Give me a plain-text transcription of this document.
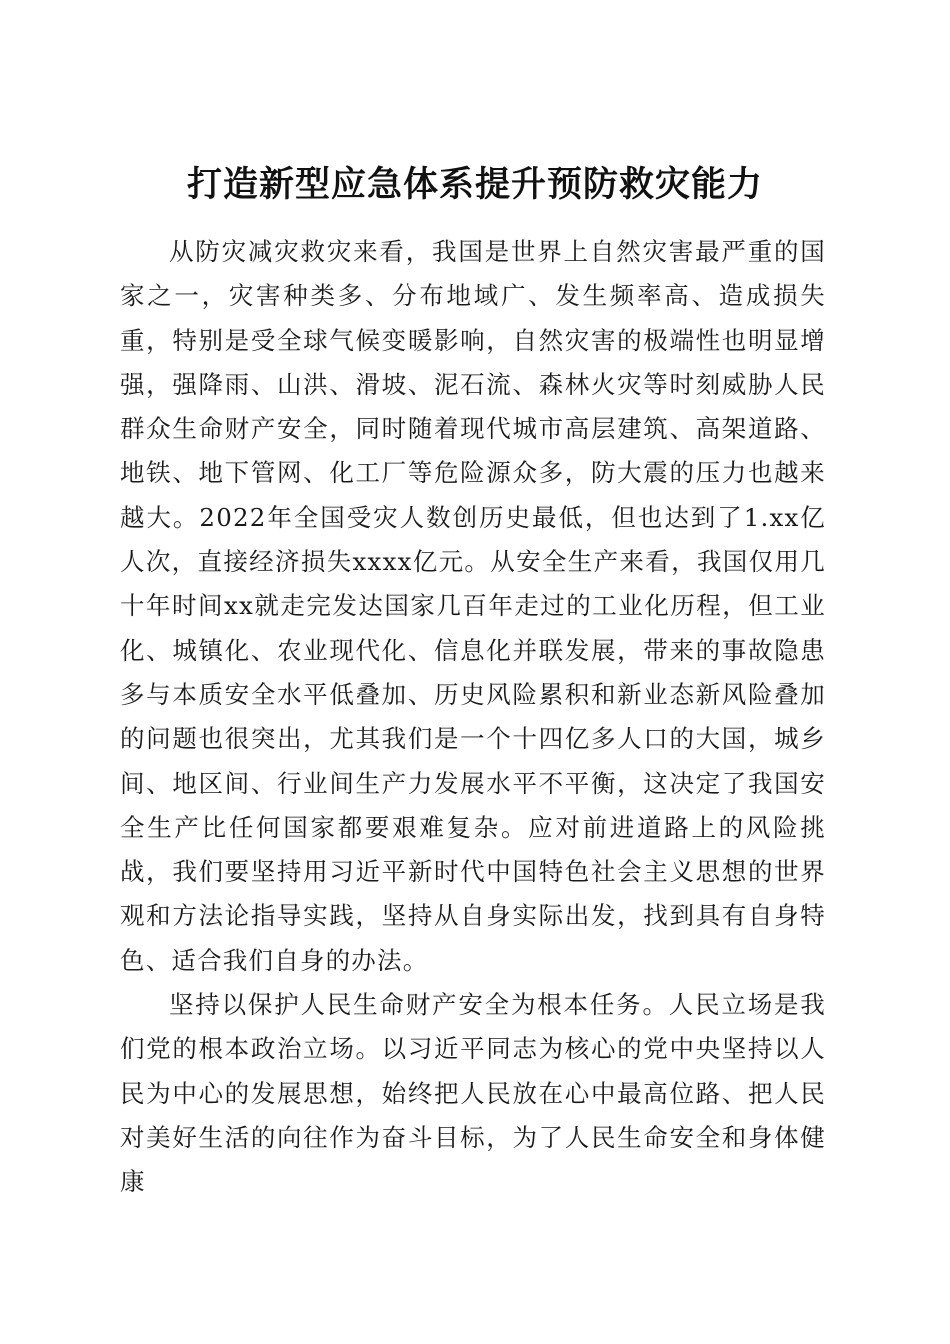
打造新型应急体系提升预防救灾能力

从防灾减灾救灾来看，我国是世界上自然灾害最严重的国家之一，灾害种类多、分布地域广、发生频率高、造成损失重，特别是受全球气候变暖影响，自然灾害的极端性也明显增强，强降雨、山洪、滑坡、泥石流、森林火灾等时刻威胁人民群众生命财产安全，同时随着现代城市高层建筑、高架道路、地铁、地下管网、化工厂等危险源众多，防大震的压力也越来越大。2022年全国受灾人数创历史最低，但也达到了1.xx亿人次，直接经济损失xxxx亿元。从安全生产来看，我国仅用几十年时间xx就走完发达国家几百年走过的工业化历程，但工业化、城镇化、农业现代化、信息化并联发展，带来的事故隐患多与本质安全水平低叠加、历史风险累积和新业态新风险叠加的问题也很突出，尤其我们是一个十四亿多人口的大国，城乡间、地区间、行业间生产力发展水平不平衡，这决定了我国安全生产比任何国家都要艰难复杂。应对前进道路上的风险挑战，我们要坚持用习近平新时代中国特色社会主义思想的世界观和方法论指导实践，坚持从自身实际出发，找到具有自身特色、适合我们自身的办法。

坚持以保护人民生命财产安全为根本任务。人民立场是我们党的根本政治立场。以习近平同志为核心的党中央坚持以人民为中心的发展思想，始终把人民放在心中最高位路、把人民对美好生活的向往作为奋斗目标，为了人民生命安全和身体健康
